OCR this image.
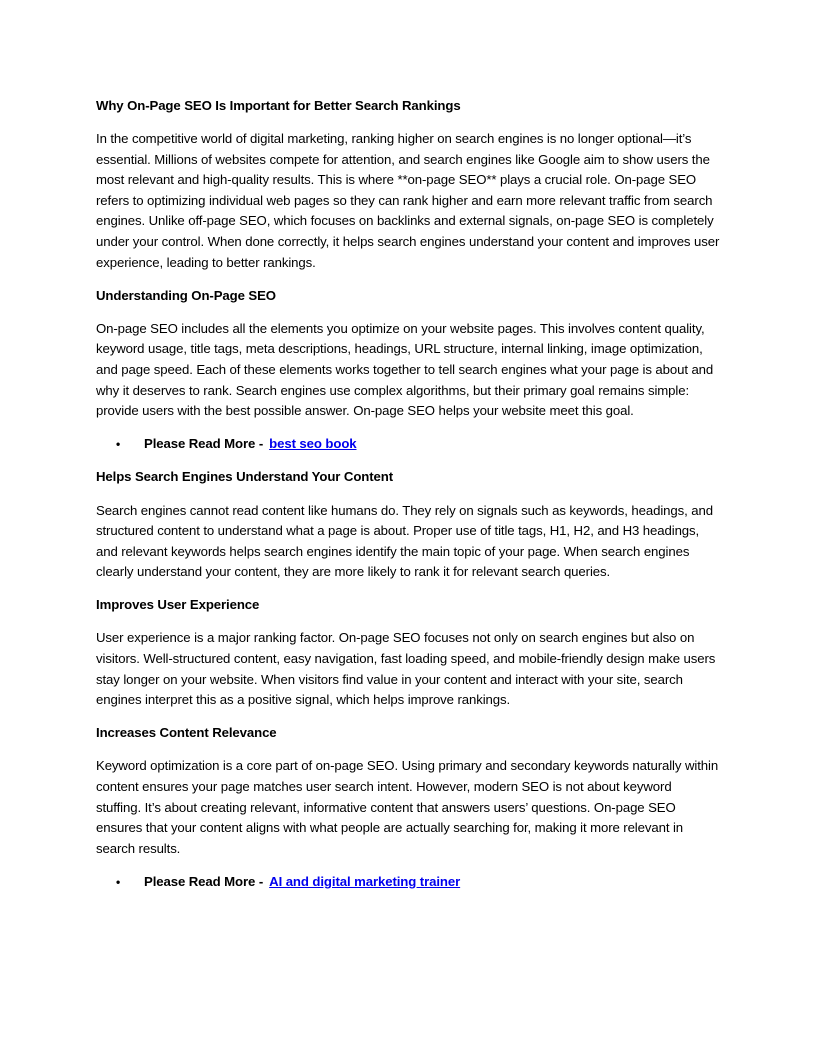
Why On-Page SEO Is Important for Better Search Rankings

In the competitive world of digital marketing, ranking higher on search engines is no longer optional—it’s essential. Millions of websites compete for attention, and search engines like Google aim to show users the most relevant and high-quality results. This is where **on-page SEO** plays a crucial role. On-page SEO refers to optimizing individual web pages so they can rank higher and earn more relevant traffic from search engines. Unlike off-page SEO, which focuses on backlinks and external signals, on-page SEO is completely under your control. When done correctly, it helps search engines understand your content and improves user experience, leading to better rankings.

Understanding On-Page SEO

On-page SEO includes all the elements you optimize on your website pages. This involves content quality, keyword usage, title tags, meta descriptions, headings, URL structure, internal linking, image optimization, and page speed. Each of these elements works together to tell search engines what your page is about and why it deserves to rank. Search engines use complex algorithms, but their primary goal remains simple: provide users with the best possible answer. On-page SEO helps your website meet this goal.

•	Please Read More - best seo book
Helps Search Engines Understand Your Content

Search engines cannot read content like humans do. They rely on signals such as keywords, headings, and structured content to understand what a page is about. Proper use of title tags, H1, H2, and H3 headings, and relevant keywords helps search engines identify the main topic of your page. When search engines clearly understand your content, they are more likely to rank it for relevant search queries.

Improves User Experience

User experience is a major ranking factor. On-page SEO focuses not only on search engines but also on visitors. Well-structured content, easy navigation, fast loading speed, and mobile-friendly design make users stay longer on your website. When visitors find value in your content and interact with your site, search engines interpret this as a positive signal, which helps improve rankings.

Increases Content Relevance

Keyword optimization is a core part of on-page SEO. Using primary and secondary keywords naturally within content ensures your page matches user search intent. However, modern SEO is not about keyword stuffing. It’s about creating relevant, informative content that answers users’ questions. On-page SEO ensures that your content aligns with what people are actually searching for, making it more relevant in search results.

•	Please Read More - AI and digital marketing trainer
